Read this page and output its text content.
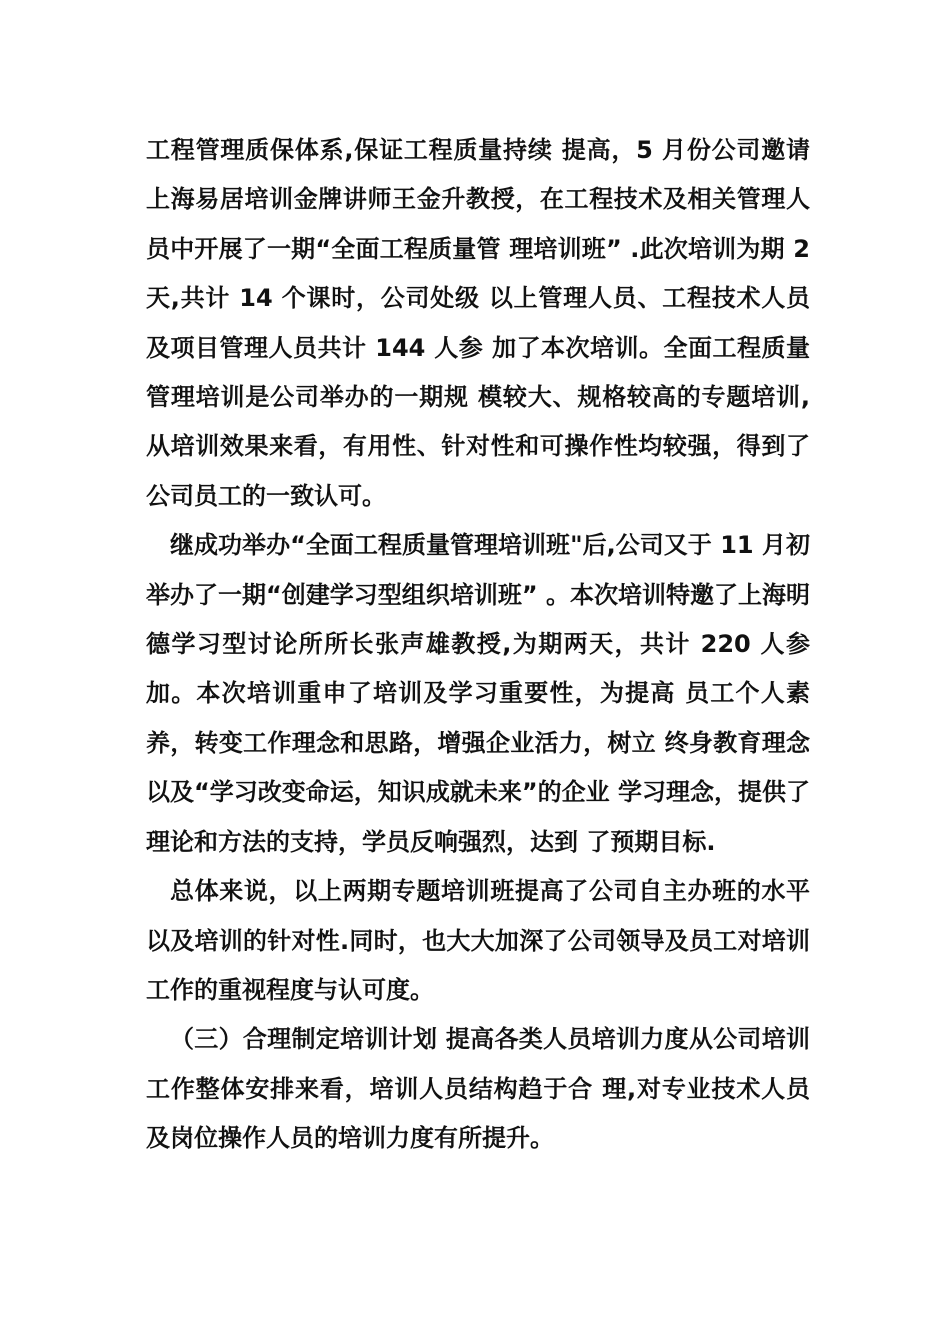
工程管理质保体系,保证工程质量持续 提高，5 月份公司邀请上海易居培训金牌讲师王金升教授，在工程技术及相关管理人员中开展了一期“全面工程质量管 理培训班” .此次培训为期 2 天,共计 14 个课时，公司处级 以上管理人员、工程技术人员及项目管理人员共计 144 人参 加了本次培训。全面工程质量管理培训是公司举办的一期规 模较大、规格较高的专题培训,从培训效果来看，有用性、针对性和可操作性均较强，得到了公司员工的一致认可。

继成功举办“全面工程质量管理培训班"后,公司又于 11 月初举办了一期“创建学习型组织培训班” 。本次培训特邀了上海明德学习型讨论所所长张声雄教授,为期两天，共计 220 人参加。本次培训重申了培训及学习重要性，为提高 员工个人素养，转变工作理念和思路，增强企业活力，树立 终身教育理念以及“学习改变命运，知识成就未来”的企业 学习理念，提供了理论和方法的支持，学员反响强烈，达到 了预期目标.

总体来说，以上两期专题培训班提高了公司自主办班的水平以及培训的针对性.同时，也大大加深了公司领导及员工对培训工作的重视程度与认可度。

（三）合理制定培训计划 提高各类人员培训力度从公司培训工作整体安排来看，培训人员结构趋于合 理,对专业技术人员及岗位操作人员的培训力度有所提升。
